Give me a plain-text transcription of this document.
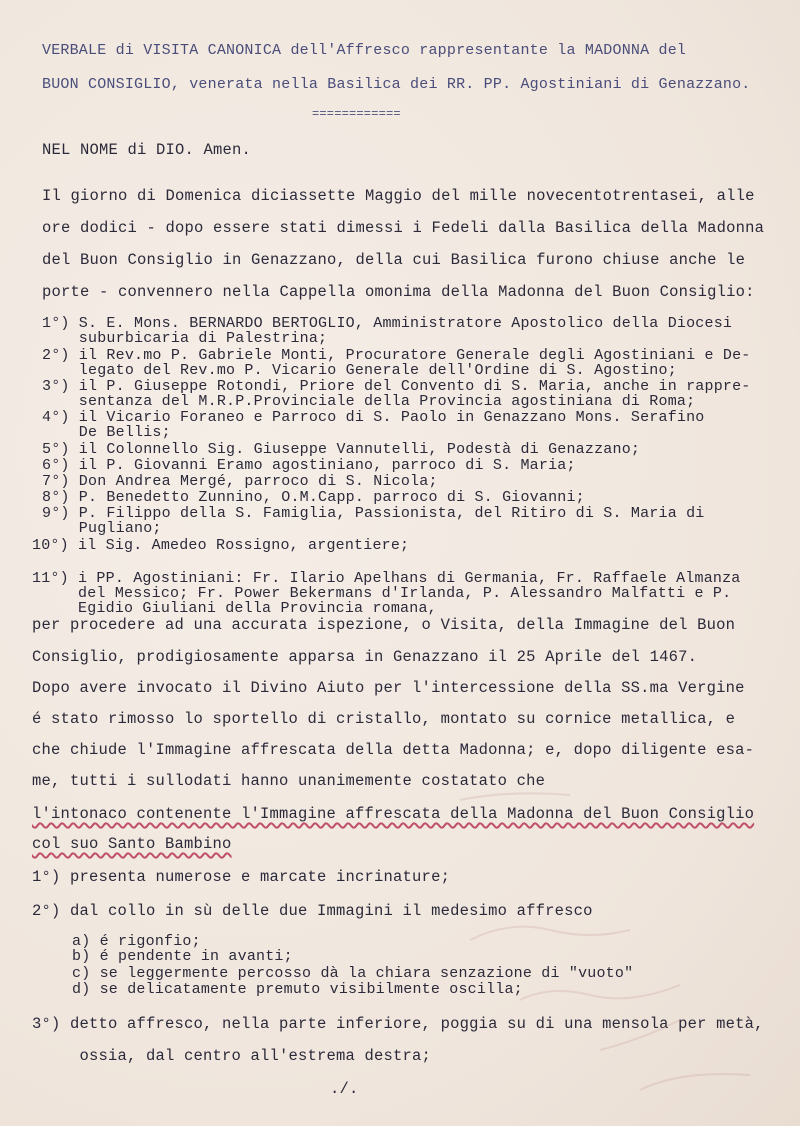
VERBALE di VISITA CANONICA dell'Affresco rappresentante la MADONNA del
BUON CONSIGLIO, venerata nella Basilica dei RR. PP. Agostiniani di Genazzano.
============
NEL NOME di DIO. Amen.
Il giorno di Domenica diciassette Maggio del mille novecentotrentasei, alle
ore dodici - dopo essere stati dimessi i Fedeli dalla Basilica della Madonna
del Buon Consiglio in Genazzano, della cui Basilica furono chiuse anche le
porte - convennero nella Cappella omonima della Madonna del Buon Consiglio:
1°) S. E. Mons. BERNARDO BERTOGLIO, Amministratore Apostolico della Diocesi
suburbicaria di Palestrina;
2°) il Rev.mo P. Gabriele Monti, Procuratore Generale degli Agostiniani e De-
legato del Rev.mo P. Vicario Generale dell'Ordine di S. Agostino;
3°) il P. Giuseppe Rotondi, Priore del Convento di S. Maria, anche in rappre-
sentanza del M.R.P.Provinciale della Provincia agostiniana di Roma;
4°) il Vicario Foraneo e Parroco di S. Paolo in Genazzano Mons. Serafino
De Bellis;
5°) il Colonnello Sig. Giuseppe Vannutelli, Podestà di Genazzano;
6°) il P. Giovanni Eramo agostiniano, parroco di S. Maria;
7°) Don Andrea Mergé, parroco di S. Nicola;
8°) P. Benedetto Zunnino, O.M.Capp. parroco di S. Giovanni;
9°) P. Filippo della S. Famiglia, Passionista, del Ritiro di S. Maria di
Pugliano;
10°) il Sig. Amedeo Rossigno, argentiere;
11°) i PP. Agostiniani: Fr. Ilario Apelhans di Germania, Fr. Raffaele Almanza
del Messico; Fr. Power Bekermans d'Irlanda, P. Alessandro Malfatti e P.
Egidio Giuliani della Provincia romana,
per procedere ad una accurata ispezione, o Visita, della Immagine del Buon
Consiglio, prodigiosamente apparsa in Genazzano il 25 Aprile del 1467.
Dopo avere invocato il Divino Aiuto per l'intercessione della SS.ma Vergine
é stato rimosso lo sportello di cristallo, montato su cornice metallica, e
che chiude l'Immagine affrescata della detta Madonna; e, dopo diligente esa-
me, tutti i sullodati hanno unanimemente costatato che
l'intonaco contenente l'Immagine affrescata della Madonna del Buon Consiglio
col suo Santo Bambino
1°) presenta numerose e marcate incrinature;
2°) dal collo in sù delle due Immagini il medesimo affresco
a) é rigonfio;
b) é pendente in avanti;
c) se leggermente percosso dà la chiara senzazione di "vuoto"
d) se delicatamente premuto visibilmente oscilla;
3°) detto affresco, nella parte inferiore, poggia su di una mensola per metà,
ossia, dal centro all'estrema destra;
./.
